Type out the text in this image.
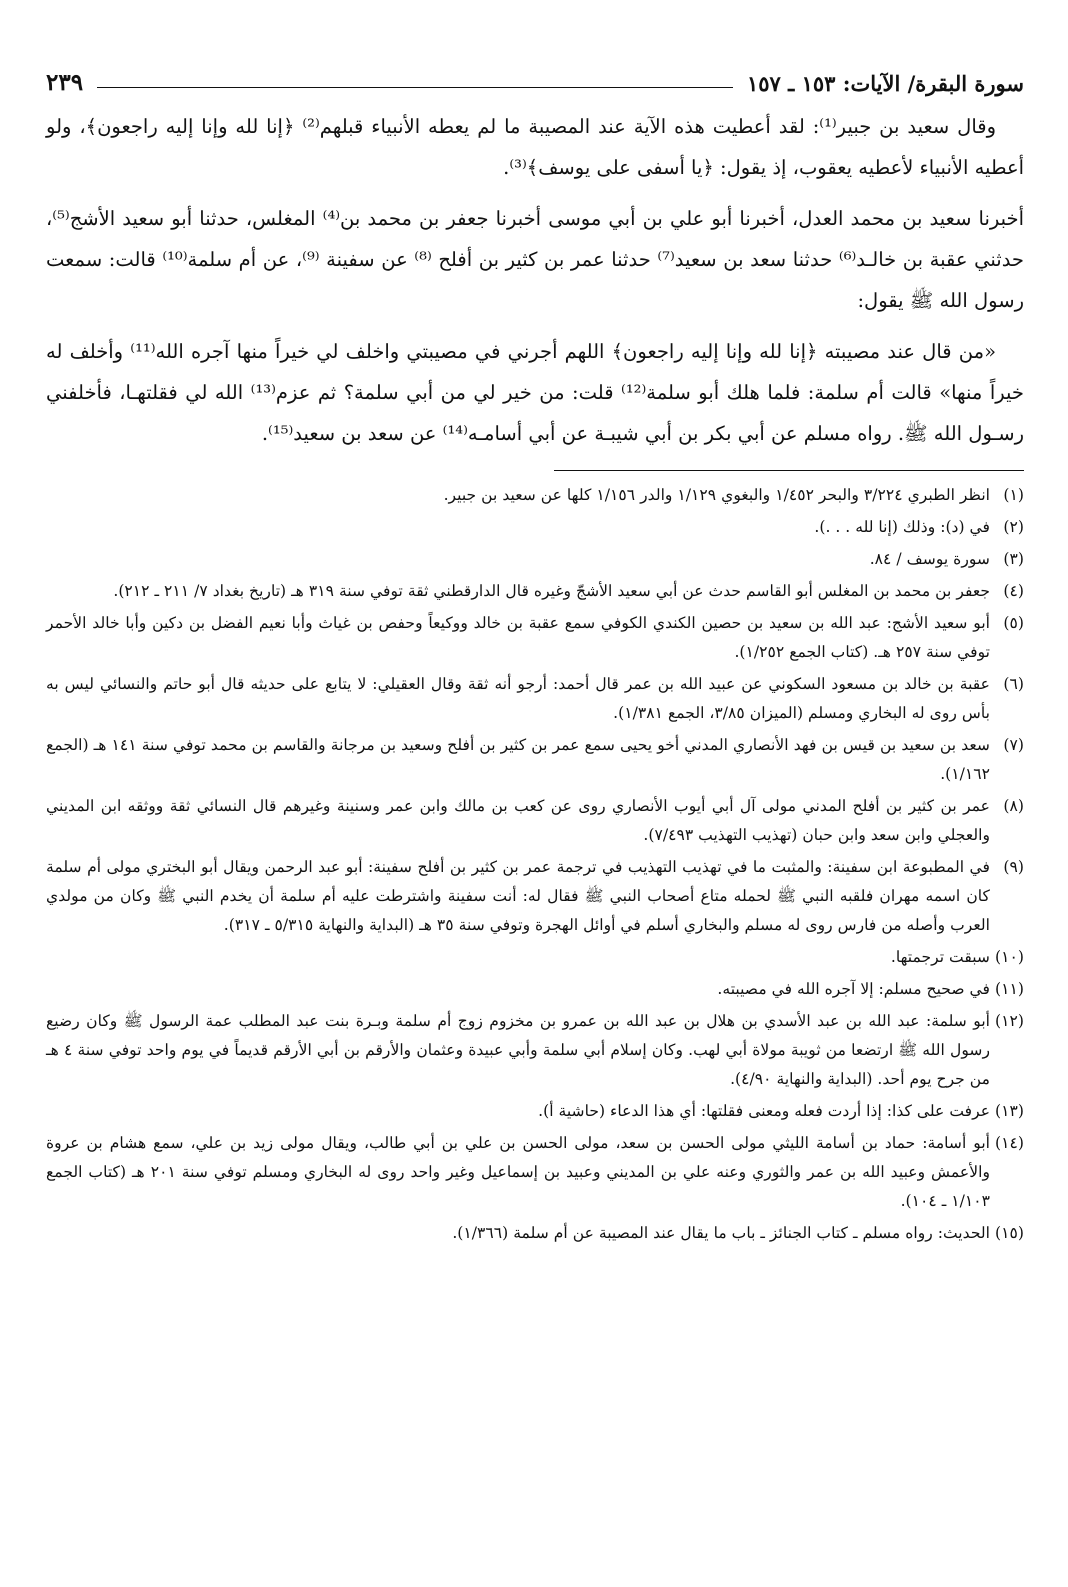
سورة البقرة/ الآيات: ١٥٣ ـ ١٥٧
٢٣٩

وقال سعيد بن جبير⁽¹⁾: لقد أعطيت هذه الآية عند المصيبة ما لم يعطه الأنبياء قبلهم⁽²⁾ ﴿إنا لله وإنا إليه راجعون﴾، ولو أعطيه الأنبياء لأعطيه يعقوب، إذ يقول: ﴿يا أسفى على يوسف﴾⁽³⁾.

أخبرنا سعيد بن محمد العدل، أخبرنا أبو علي بن أبي موسى أخبرنا جعفر بن محمد بن⁽⁴⁾ المغلس، حدثنا أبو سعيد الأشج⁽⁵⁾، حدثني عقبة بن خالـد⁽⁶⁾ حدثنا سعد بن سعيد⁽⁷⁾ حدثنا عمر بن كثير بن أفلح ⁽⁸⁾ عن سفينة ⁽⁹⁾، عن أم سلمة⁽¹⁰⁾ قالت: سمعت رسول الله ﷺ يقول:

«من قال عند مصيبته ﴿إنا لله وإنا إليه راجعون﴾ اللهم أجرني في مصيبتي واخلف لي خيراً منها آجره الله⁽¹¹⁾ وأخلف له خيراً منها» قالت أم سلمة: فلما هلك أبو سلمة⁽¹²⁾ قلت: من خير لي من أبي سلمة؟ ثم عزم⁽¹³⁾ الله لي فقلتهـا، فأخلفني رسـول الله ﷺ. رواه مسلم عن أبي بكر بن أبي شيبـة عن أبي أسامـه⁽¹⁴⁾ عن سعد بن سعيد⁽¹⁵⁾.

(١)
انظر الطبري ٣/٢٢٤ والبحر ١/٤٥٢ والبغوي ١/١٢٩ والدر ١/١٥٦ كلها عن سعيد بن جبير.
(٢)
في (د): وذلك (إنا لله . . .).
(٣)
سورة يوسف / ٨٤.
(٤)
جعفر بن محمد بن المغلس أبو القاسم حدث عن أبي سعيد الأشجّ وغيره قال الدارقطني ثقة توفي سنة ٣١٩ هـ (تاريخ بغداد ٧/ ٢١١ ـ ٢١٢).
(٥)
أبو سعيد الأشج: عبد الله بن سعيد بن حصين الكندي الكوفي سمع عقبة بن خالد ووكيعاً وحفص بن غياث وأبا نعيم الفضل بن دكين وأبا خالد الأحمر توفي سنة ٢٥٧ هـ. (كتاب الجمع ١/٢٥٢).
(٦)
عقبة بن خالد بن مسعود السكوني عن عبيد الله بن عمر قال أحمد: أرجو أنه ثقة وقال العقيلي: لا يتابع على حديثه قال أبو حاتم والنسائي ليس به بأس روى له البخاري ومسلم (الميزان ٣/٨٥، الجمع ١/٣٨١).
(٧)
سعد بن سعيد بن قيس بن فهد الأنصاري المدني أخو يحيى سمع عمر بن كثير بن أفلح وسعيد بن مرجانة والقاسم بن محمد توفي سنة ١٤١ هـ (الجمع ١/١٦٢).
(٨)
عمر بن كثير بن أفلح المدني مولى آل أبي أيوب الأنصاري روى عن كعب بن مالك وابن عمر وسنينة وغيرهم قال النسائي ثقة ووثقه ابن المديني والعجلي وابن سعد وابن حبان (تهذيب التهذيب ٧/٤٩٣).
(٩)
في المطبوعة ابن سفينة: والمثبت ما في تهذيب التهذيب في ترجمة عمر بن كثير بن أفلح سفينة: أبو عبد الرحمن ويقال أبو البختري مولى أم سلمة كان اسمه مهران فلقبه النبي ﷺ لحمله متاع أصحاب النبي ﷺ فقال له: أنت سفينة واشترطت عليه أم سلمة أن يخدم النبي ﷺ وكان من مولدي العرب وأصله من فارس روى له مسلم والبخاري أسلم في أوائل الهجرة وتوفي سنة ٣٥ هـ (البداية والنهاية ٥/٣١٥ ـ ٣١٧).
(١٠)
سبقت ترجمتها.
(١١)
في صحيح مسلم: إلا آجره الله في مصيبته.
(١٢)
أبو سلمة: عبد الله بن عبد الأسدي بن هلال بن عبد الله بن عمرو بن مخزوم زوج أم سلمة وبـرة بنت عبد المطلب عمة الرسول ﷺ وكان رضيع رسول الله ﷺ ارتضعا من ثويبة مولاة أبي لهب. وكان إسلام أبي سلمة وأبي عبيدة وعثمان والأرقم بن أبي الأرقم قديماً في يوم واحد توفي سنة ٤ هـ من جرح يوم أحد. (البداية والنهاية ٤/٩٠).
(١٣)
عرفت على كذا: إذا أردت فعله ومعنى فقلتها: أي هذا الدعاء (حاشية أ).
(١٤)
أبو أسامة: حماد بن أسامة الليثي مولى الحسن بن سعد، مولى الحسن بن علي بن أبي طالب، ويقال مولى زيد بن علي، سمع هشام بن عروة والأعمش وعبيد الله بن عمر والثوري وعنه علي بن المديني وعبيد بن إسماعيل وغير واحد روى له البخاري ومسلم توفي سنة ٢٠١ هـ (كتاب الجمع ١/١٠٣ ـ ١٠٤).
(١٥)
الحديث: رواه مسلم ـ كتاب الجنائز ـ باب ما يقال عند المصيبة عن أم سلمة (١/٣٦٦).
